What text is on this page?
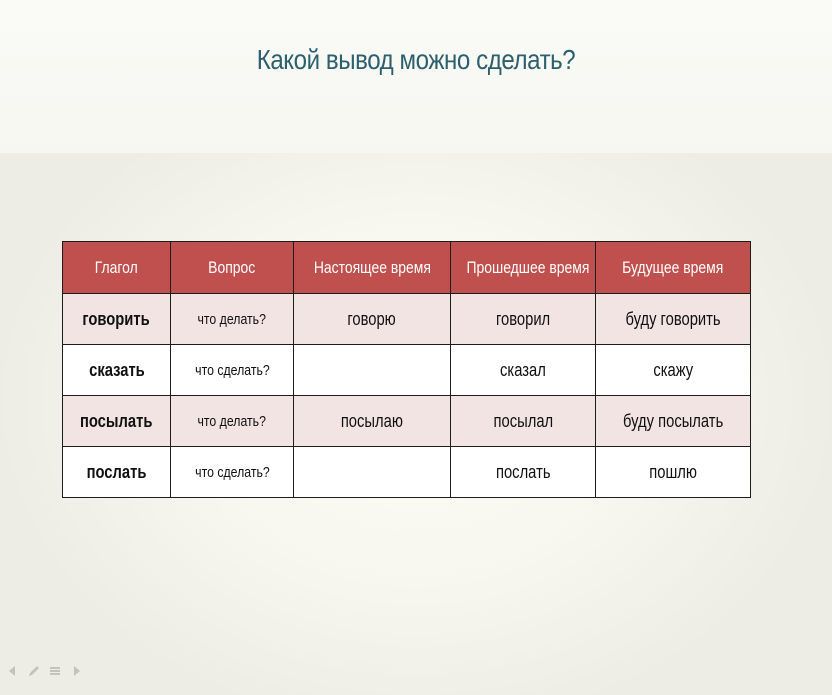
Какой вывод можно сделать?
Глагол	Вопрос	Настоящее время	Прошедшее время	Будущее время
говорить	что делать?	говорю	говорил	буду говорить
сказать	что сделать?		сказал	скажу
посылать	что делать?	посылаю	посылал	буду посылать
послать	что сделать?		послать	пошлю
